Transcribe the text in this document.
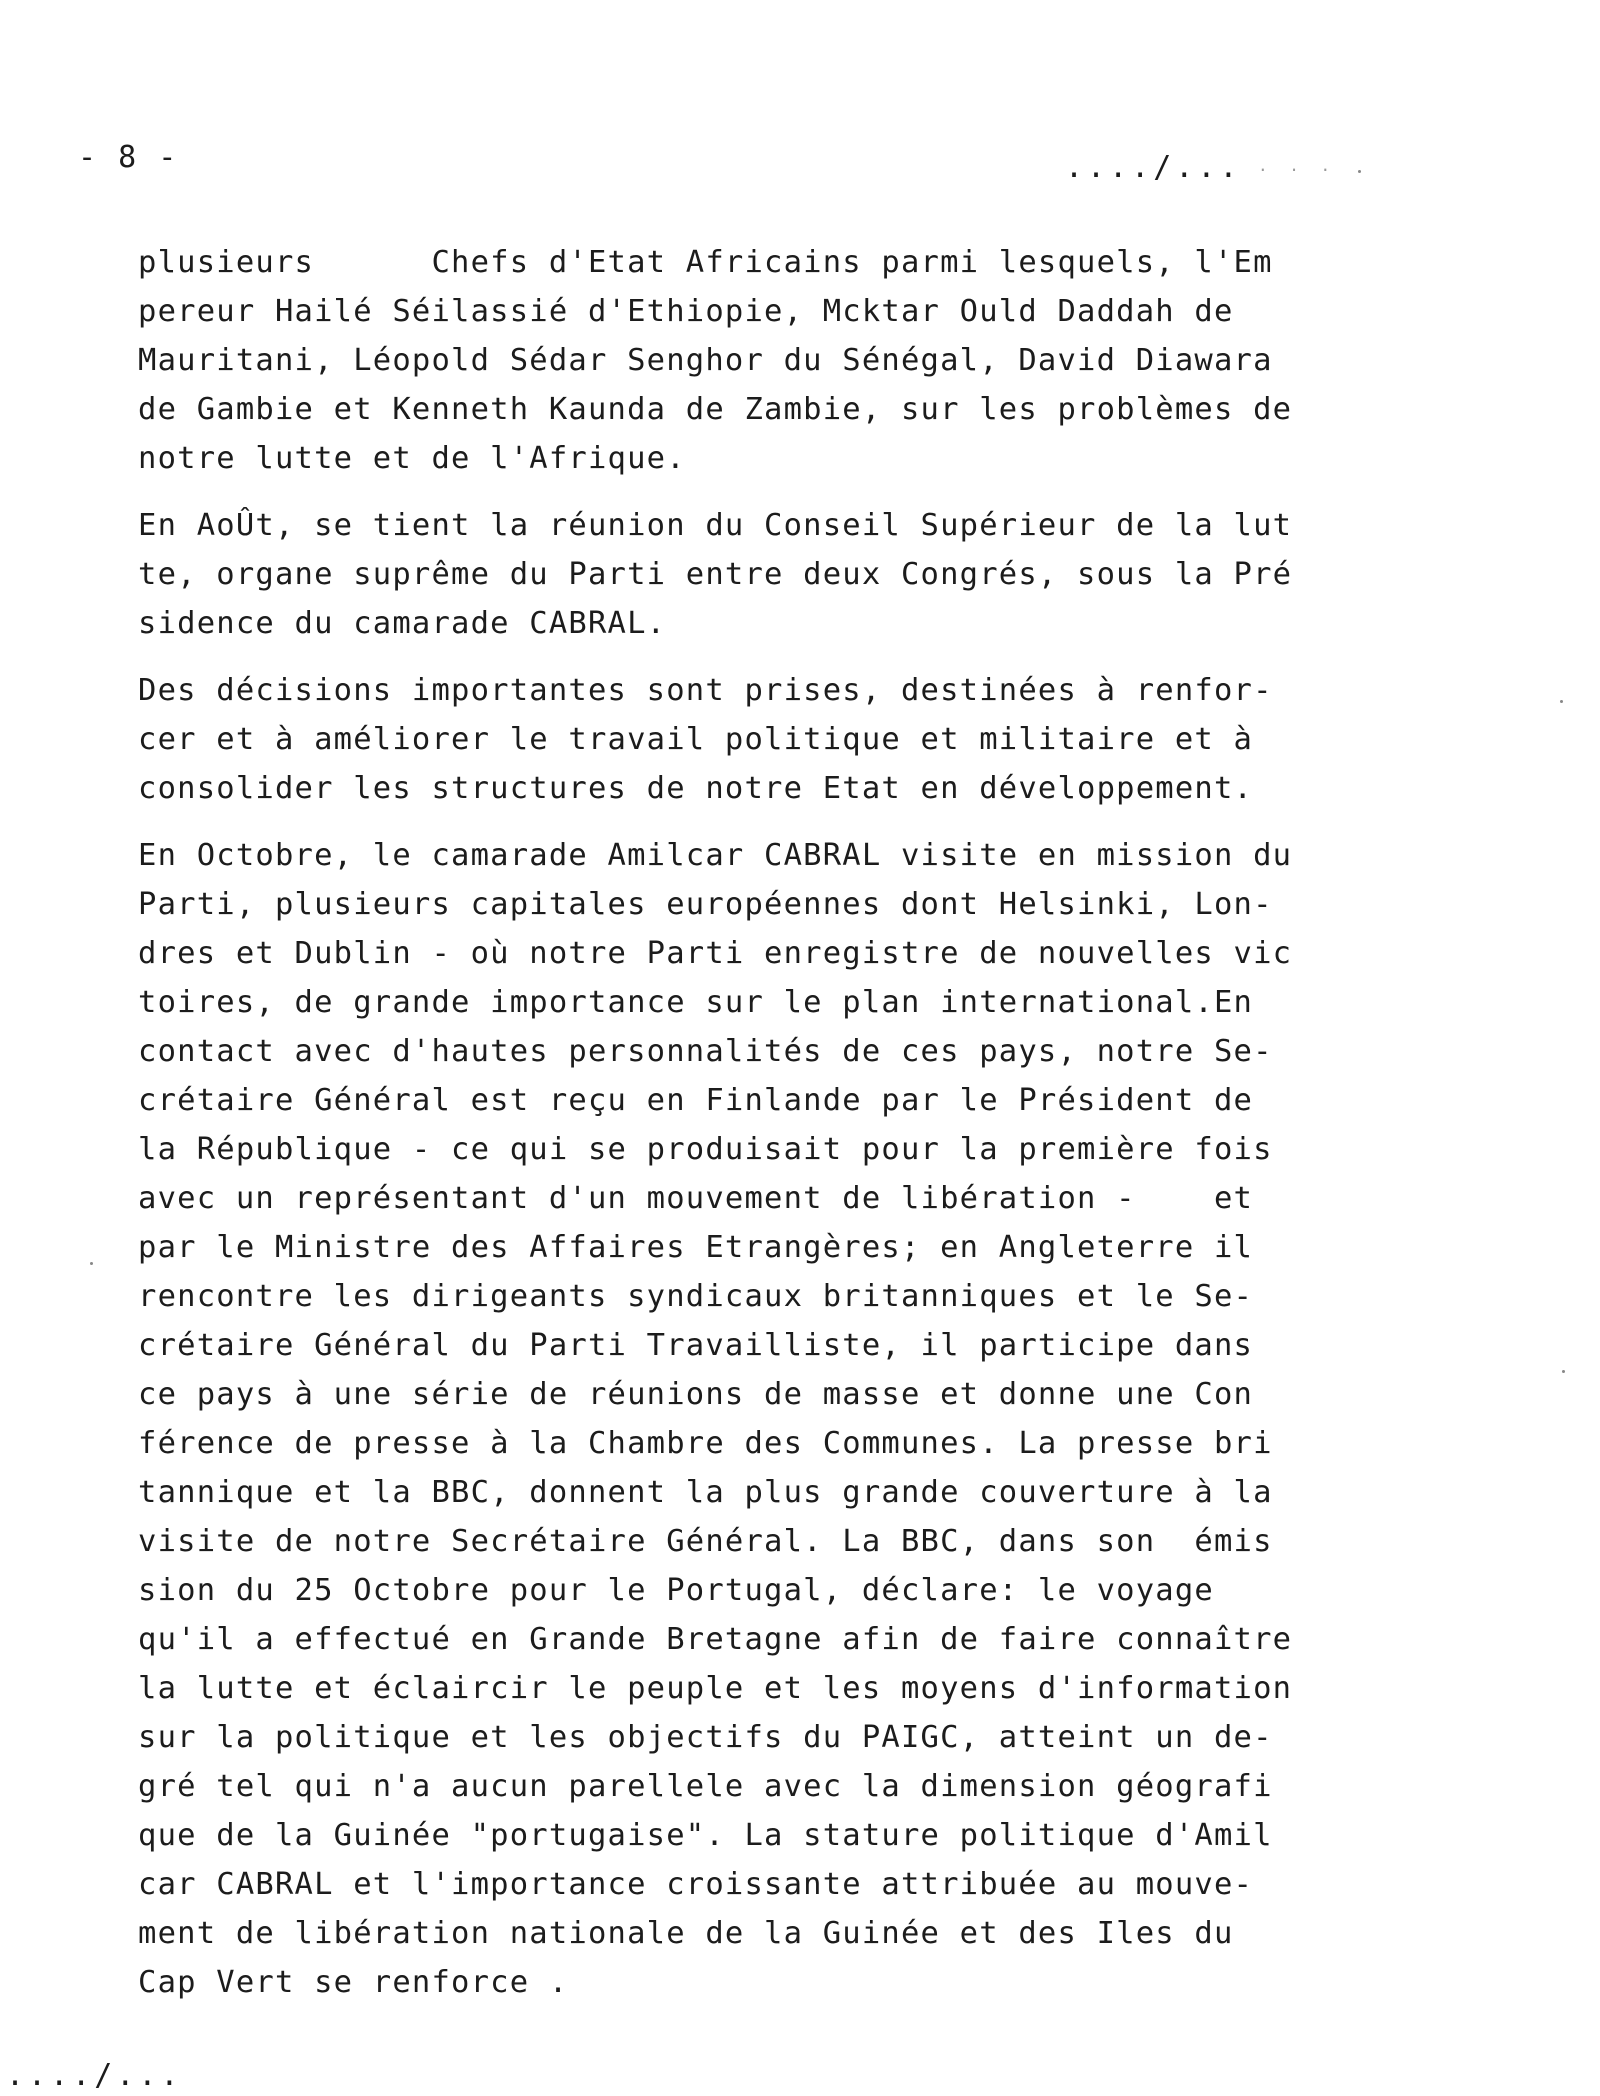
- 8 -	..../... . . .
plusieurs      Chefs d'Etat Africains parmi lesquels, l'Em
pereur Hailé Séilassié d'Ethiopie, Mcktar Ould Daddah de
Mauritani, Léopold Sédar Senghor du Sénégal, David Diawara
de Gambie et Kenneth Kaunda de Zambie, sur les problèmes de
notre lutte et de l'Afrique.
En AoÛt, se tient la réunion du Conseil Supérieur de la lut
te, organe suprême du Parti entre deux Congrés, sous la Pré
sidence du camarade CABRAL.
Des décisions importantes sont prises, destinées à renfor-
cer et à améliorer le travail politique et militaire et à
consolider les structures de notre Etat en développement.
En Octobre, le camarade Amilcar CABRAL visite en mission du
Parti, plusieurs capitales européennes dont Helsinki, Lon-
dres et Dublin - où notre Parti enregistre de nouvelles vic
toires, de grande importance sur le plan international.En
contact avec d'hautes personnalités de ces pays, notre Se-
crétaire Général est reçu en Finlande par le Président de
la République - ce qui se produisait pour la première fois
avec un représentant d'un mouvement de libération -    et
par le Ministre des Affaires Etrangères; en Angleterre il
rencontre les dirigeants syndicaux britanniques et le Se-
crétaire Général du Parti Travailliste, il participe dans
ce pays à une série de réunions de masse et donne une Con
férence de presse à la Chambre des Communes. La presse bri
tannique et la BBC, donnent la plus grande couverture à la
visite de notre Secrétaire Général. La BBC, dans son  émis
sion du 25 Octobre pour le Portugal, déclare: le voyage
qu'il a effectué en Grande Bretagne afin de faire connaître
la lutte et éclaircir le peuple et les moyens d'information
sur la politique et les objectifs du PAIGC, atteint un de-
gré tel qui n'a aucun parellele avec la dimension géografi
que de la Guinée "portugaise". La stature politique d'Amil
car CABRAL et l'importance croissante attribuée au mouve-
ment de libération nationale de la Guinée et des Iles du
Cap Vert se renforce .
..../...
